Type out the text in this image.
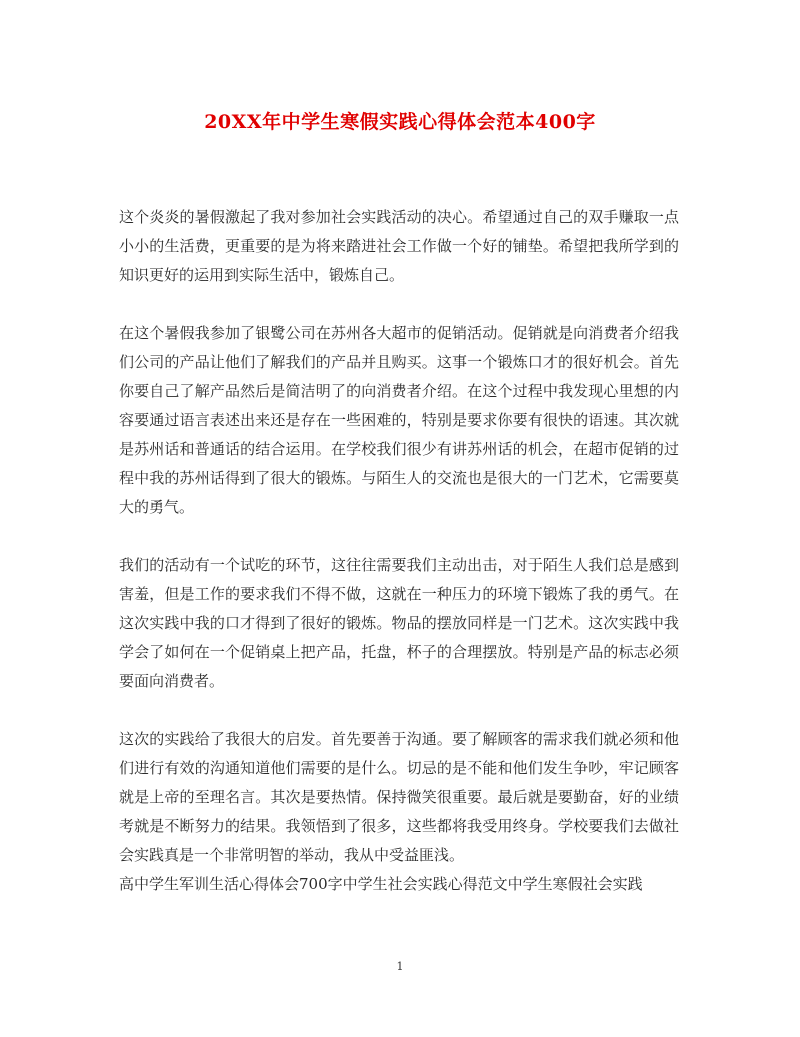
20XX年中学生寒假实践心得体会范本400字

这个炎炎的暑假激起了我对参加社会实践活动的决心。希望通过自己的双手赚取一点小小的生活费，更重要的是为将来踏进社会工作做一个好的铺垫。希望把我所学到的知识更好的运用到实际生活中，锻炼自己。

在这个暑假我参加了银鹭公司在苏州各大超市的促销活动。促销就是向消费者介绍我们公司的产品让他们了解我们的产品并且购买。这事一个锻炼口才的很好机会。首先你要自己了解产品然后是简洁明了的向消费者介绍。在这个过程中我发现心里想的内容要通过语言表述出来还是存在一些困难的，特别是要求你要有很快的语速。其次就是苏州话和普通话的结合运用。在学校我们很少有讲苏州话的机会，在超市促销的过程中我的苏州话得到了很大的锻炼。与陌生人的交流也是很大的一门艺术，它需要莫大的勇气。

我们的活动有一个试吃的环节，这往往需要我们主动出击，对于陌生人我们总是感到害羞，但是工作的要求我们不得不做，这就在一种压力的环境下锻炼了我的勇气。在这次实践中我的口才得到了很好的锻炼。物品的摆放同样是一门艺术。这次实践中我学会了如何在一个促销桌上把产品，托盘，杯子的合理摆放。特别是产品的标志必须要面向消费者。

这次的实践给了我很大的启发。首先要善于沟通。要了解顾客的需求我们就必须和他们进行有效的沟通知道他们需要的是什么。切忌的是不能和他们发生争吵，牢记顾客就是上帝的至理名言。其次是要热情。保持微笑很重要。最后就是要勤奋，好的业绩考就是不断努力的结果。我领悟到了很多，这些都将我受用终身。学校要我们去做社会实践真是一个非常明智的举动，我从中受益匪浅。

高中学生军训生活心得体会700字中学生社会实践心得范文中学生寒假社会实践

1
